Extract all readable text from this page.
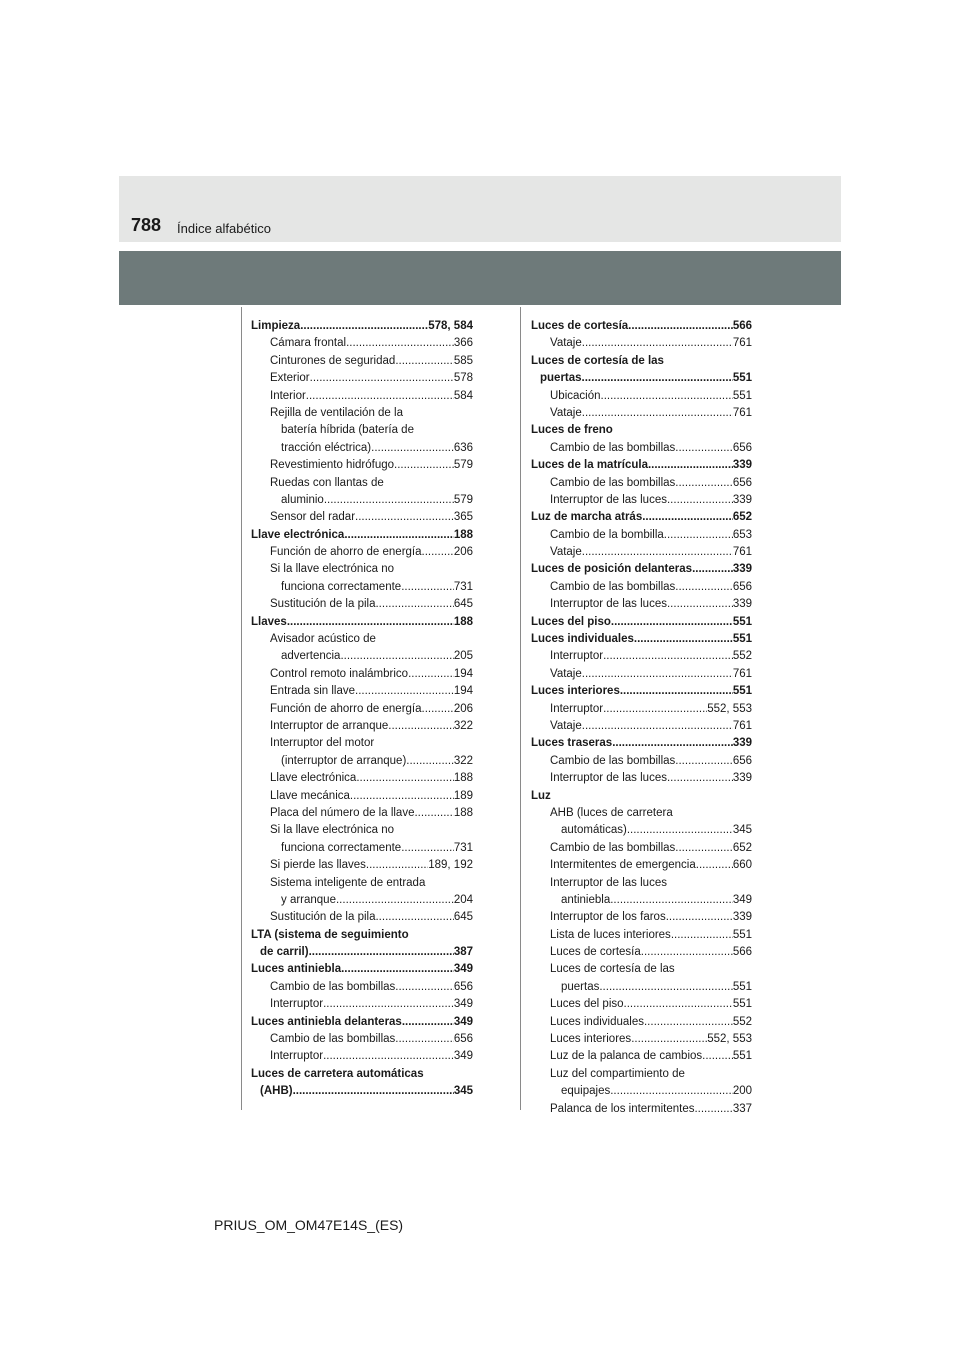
788 Índice alfabético
Limpieza .....	578, 584
Cámara frontal .....	366
Cinturones de seguridad .....	585
Exterior .....	578
Interior .....	584
Rejilla de ventilación de la
batería híbrida (batería de
tracción eléctrica) .....	636
Revestimiento hidrófugo .....	579
Ruedas con llantas de
aluminio .....	579
Sensor del radar .....	365
Llave electrónica .....	188
Función de ahorro de energía .....	206
Si la llave electrónica no
funciona correctamente .....	731
Sustitución de la pila .....	645
Llaves .....	188
Avisador acústico de
advertencia .....	205
Control remoto inalámbrico .....	194
Entrada sin llave .....	194
Función de ahorro de energía .....	206
Interruptor de arranque .....	322
Interruptor del motor
(interruptor de arranque) .....	322
Llave electrónica .....	188
Llave mecánica .....	189
Placa del número de la llave .....	188
Si la llave electrónica no
funciona correctamente .....	731
Si pierde las llaves .....	189, 192
Sistema inteligente de entrada
y arranque .....	204
Sustitución de la pila .....	645
LTA (sistema de seguimiento
de carril) .....	387
Luces antiniebla .....	349
Cambio de las bombillas .....	656
Interruptor .....	349
Luces antiniebla delanteras .....	349
Cambio de las bombillas .....	656
Interruptor .....	349
Luces de carretera automáticas
(AHB) .....	345
Luces de cortesía .....	566
Vataje .....	761
Luces de cortesía de las
puertas .....	551
Ubicación .....	551
Vataje .....	761
Luces de freno
Cambio de las bombillas .....	656
Luces de la matrícula .....	339
Cambio de las bombillas .....	656
Interruptor de las luces .....	339
Luz de marcha atrás .....	652
Cambio de la bombilla .....	653
Vataje .....	761
Luces de posición delanteras .....	339
Cambio de las bombillas .....	656
Interruptor de las luces .....	339
Luces del piso .....	551
Luces individuales .....	551
Interruptor .....	552
Vataje .....	761
Luces interiores .....	551
Interruptor .....	552, 553
Vataje .....	761
Luces traseras .....	339
Cambio de las bombillas .....	656
Interruptor de las luces .....	339
Luz
AHB (luces de carretera
automáticas) .....	345
Cambio de las bombillas .....	652
Intermitentes de emergencia .....	660
Interruptor de las luces
antiniebla .....	349
Interruptor de los faros .....	339
Lista de luces interiores .....	551
Luces de cortesía .....	566
Luces de cortesía de las
puertas .....	551
Luces del piso .....	551
Luces individuales .....	552
Luces interiores .....	552, 553
Luz de la palanca de cambios .....	551
Luz del compartimiento de
equipajes .....	200
Palanca de los intermitentes .....	337
PRIUS_OM_OM47E14S_(ES)
